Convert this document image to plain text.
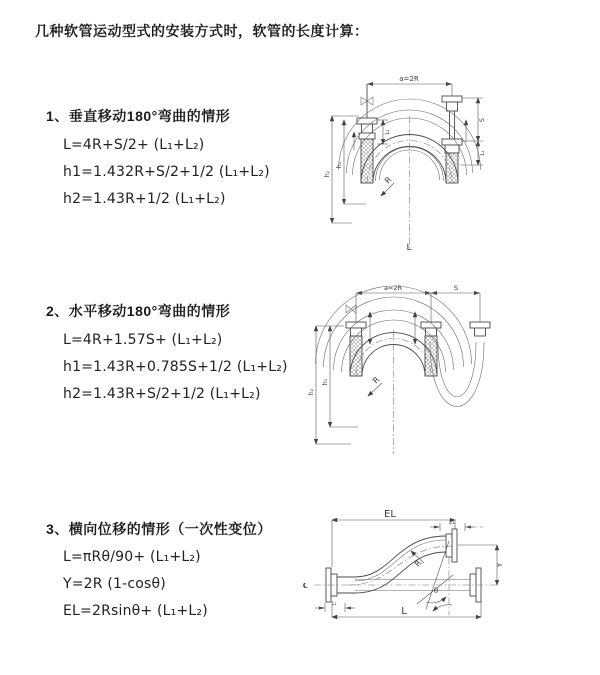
几种软管运动型式的安装方式时，软管的长度计算：
1、垂直移动180°弯曲的情形
L=4R+S/2+ (L₁+L₂)
h1=1.432R+S/2+1/2 (L₁+L₂)
h2=1.43R+1/2 (L₁+L₂)
2、水平移动180°弯曲的情形
L=4R+1.57S+ (L₁+L₂)
h1=1.43R+0.785S+1/2 (L₁+L₂)
h2=1.43R+S/2+1/2 (L₁+L₂)
3、横向位移的情形（一次性变位）
L=πRθ/90+ (L₁+L₂)
Y=2R (1-cosθ)
EL=2Rsinθ+ (L₁+L₂)
a=2R
R
L
h₂
h₁
L₁
S
L₁
a=2R	S
R
h₂
h₁
EL
L₁
℄
R
θ
Y
L
L₁
